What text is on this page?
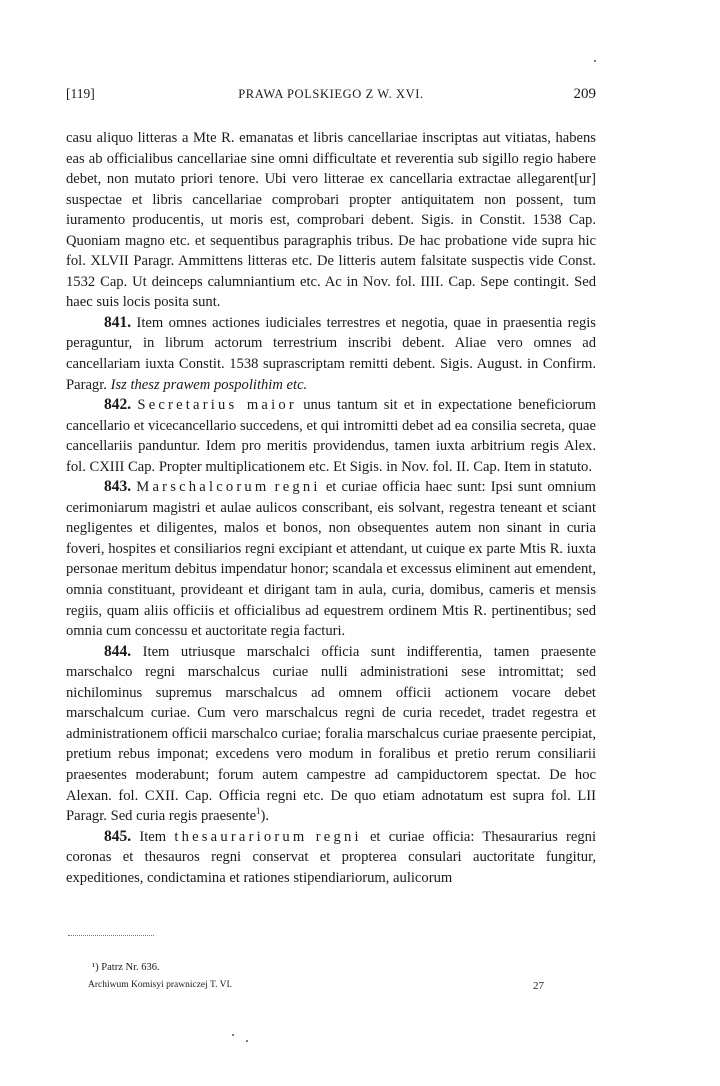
[119]	PRAWA POLSKIEGO Z W. XVI.	209

casu aliquo litteras a Mte R. emanatas et libris cancellariae inscriptas aut vitiatas, habens eas ab officialibus cancellariae sine omni difficultate et reverentia sub sigillo regio habere debet, non mutato priori tenore. Ubi vero litterae ex cancellaria extractae allegarent[ur] suspectae et libris cancellariae comprobari propter antiquitatem non possent, tum iuramento producentis, ut moris est, comprobari debent. Sigis. in Constit. 1538 Cap. Quoniam magno etc. et sequentibus paragraphis tribus. De hac probatione vide supra hic fol. XLVII Paragr. Ammittens litteras etc. De litteris autem falsitate suspectis vide Const. 1532 Cap. Ut deinceps calumniantium etc. Ac in Nov. fol. IIII. Cap. Sepe contingit. Sed haec suis locis posita sunt.

841. Item omnes actiones iudiciales terrestres et negotia, quae in praesentia regis peraguntur, in librum actorum terrestrium inscribi debent. Aliae vero omnes ad cancellariam iuxta Constit. 1538 suprascriptam remitti debent. Sigis. August. in Confirm. Paragr. Isz thesz prawem pospolithim etc.

842. Secretarius maior unus tantum sit et in expectatione beneficiorum cancellario et vicecancellario succedens, et qui intromitti debet ad ea consilia secreta, quae cancellariis panduntur. Idem pro meritis providendus, tamen iuxta arbitrium regis Alex. fol. CXIII Cap. Propter multiplicationem etc. Et Sigis. in Nov. fol. II. Cap. Item in statuto.

843. Marschalcorum regni et curiae officia haec sunt: Ipsi sunt omnium cerimoniarum magistri et aulae aulicos conscribant, eis solvant, regestra teneant et sciant negligentes et diligentes, malos et bonos, non obsequentes autem non sinant in curia foveri, hospites et consiliarios regni excipiant et attendant, ut cuique ex parte Mtis R. iuxta personae meritum debitus impendatur honor; scandala et excessus eliminent aut emendent, omnia constituant, provideant et dirigant tam in aula, curia, domibus, cameris et mensis regiis, quam aliis officiis et officialibus ad equestrem ordinem Mtis R. pertinentibus; sed omnia cum concessu et auctoritate regia facturi.

844. Item utriusque marschalci officia sunt indifferentia, tamen praesente marschalco regni marschalcus curiae nulli administrationi sese intromittat; sed nichilominus supremus marschalcus ad omnem officii actionem vocare debet marschalcum curiae. Cum vero marschalcus regni de curia recedet, tradet regestra et administrationem officii marschalco curiae; foralia marschalcus curiae praesente percipiat, pretium rebus imponat; excedens vero modum in foralibus et pretio rerum consiliarii praesentes moderabunt; forum autem campestre ad campiductorem spectat. De hoc Alexan. fol. CXII. Cap. Officia regni etc. De quo etiam adnotatum est supra fol. LII Paragr. Sed curia regis praesente$^1$).

845. Item thesaurariorum regni et curiae officia: Thesaurarius regni coronas et thesauros regni conservat et propterea consulari auctoritate fungitur, expeditiones, condictamina et rationes stipendiariorum, aulicorum

¹) Patrz Nr. 636.
Archiwum Komisyi prawniczej T. VI.	27
